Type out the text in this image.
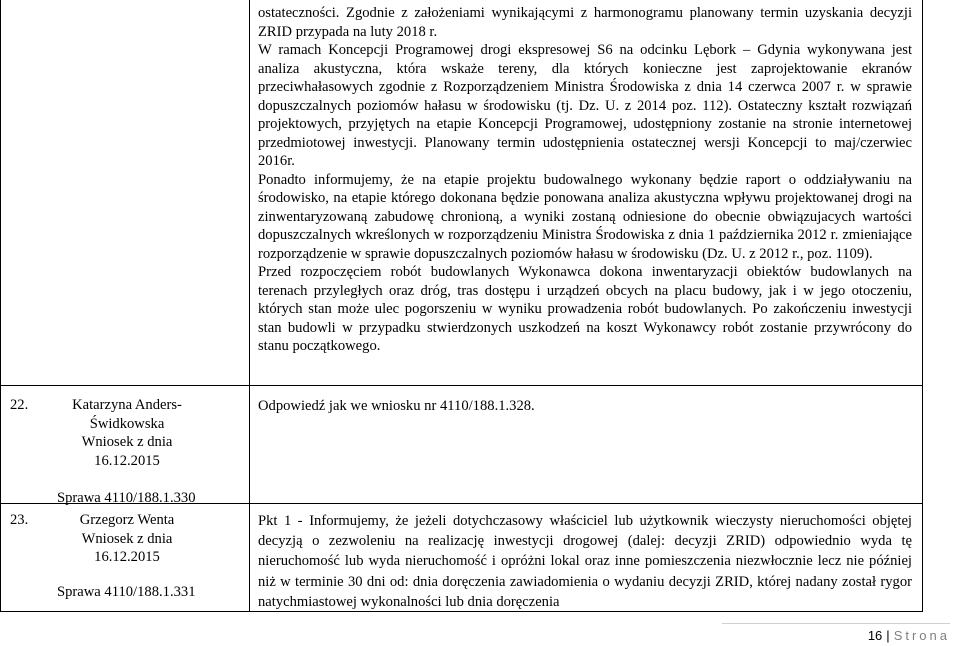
ostateczności. Zgodnie z założeniami wynikającymi z harmonogramu planowany termin uzyskania decyzji ZRID przypada na luty 2018 r.

W ramach Koncepcji Programowej drogi ekspresowej S6 na odcinku Lębork – Gdynia wykonywana jest analiza akustyczna, która wskaże tereny, dla których konieczne jest zaprojektowanie ekranów przeciwhałasowych zgodnie z Rozporządzeniem Ministra Środowiska z dnia 14 czerwca 2007 r. w sprawie dopuszczalnych poziomów hałasu w środowisku (tj. Dz. U. z 2014 poz. 112). Ostateczny kształt rozwiązań projektowych, przyjętych na etapie Koncepcji Programowej, udostępniony zostanie na stronie internetowej przedmiotowej inwestycji. Planowany termin udostępnienia ostatecznej wersji Koncepcji to maj/czerwiec 2016r.

Ponadto informujemy, że na etapie projektu budowalnego wykonany będzie raport o oddziaływaniu na środowisko, na etapie którego dokonana będzie ponowana analiza akustyczna wpływu projektowanej drogi na zinwentaryzowaną zabudowę chronioną, a wyniki zostaną odniesione do obecnie obwiązujacych wartości dopuszczalnych wkreślonych w rozporządzeniu Ministra Środowiska z dnia 1 października 2012 r. zmieniające rozporządzenie w sprawie dopuszczalnych poziomów hałasu w środowisku (Dz. U. z 2012 r., poz. 1109).

Przed rozpoczęciem robót budowlanych Wykonawca dokona inwentaryzacji obiektów budowlanych na terenach przyległych oraz dróg, tras dostępu i urządzeń obcych na placu budowy, jak i w jego otoczeniu, których stan może ulec pogorszeniu w wyniku prowadzenia robót budowlanych. Po zakończeniu inwestycji stan budowli w przypadku stwierdzonych uszkodzeń na koszt Wykonawcy robót zostanie przywrócony do stanu początkowego.

22.	Katarzyna Anders-
Świdkowska
Wniosek z dnia
16.12.2015
Sprawa 4110/188.1.330

Odpowiedź jak we wniosku nr 4110/188.1.328.

23.	Grzegorz Wenta
Wniosek z dnia
16.12.2015
Sprawa 4110/188.1.331

Pkt 1 - Informujemy, że jeżeli dotychczasowy właściciel lub użytkownik wieczysty nieruchomości objętej decyzją o zezwoleniu na realizację inwestycji drogowej (dalej: decyzji ZRID) odpowiednio wyda tę nieruchomość lub wyda nieruchomość i opróżni lokal oraz inne pomieszczenia niezwłocznie lecz nie później niż w terminie 30 dni od: dnia doręczenia zawiadomienia o wydaniu decyzji ZRID, której nadany został rygor natychmiastowej wykonalności lub dnia doręczenia

16 | Strona
